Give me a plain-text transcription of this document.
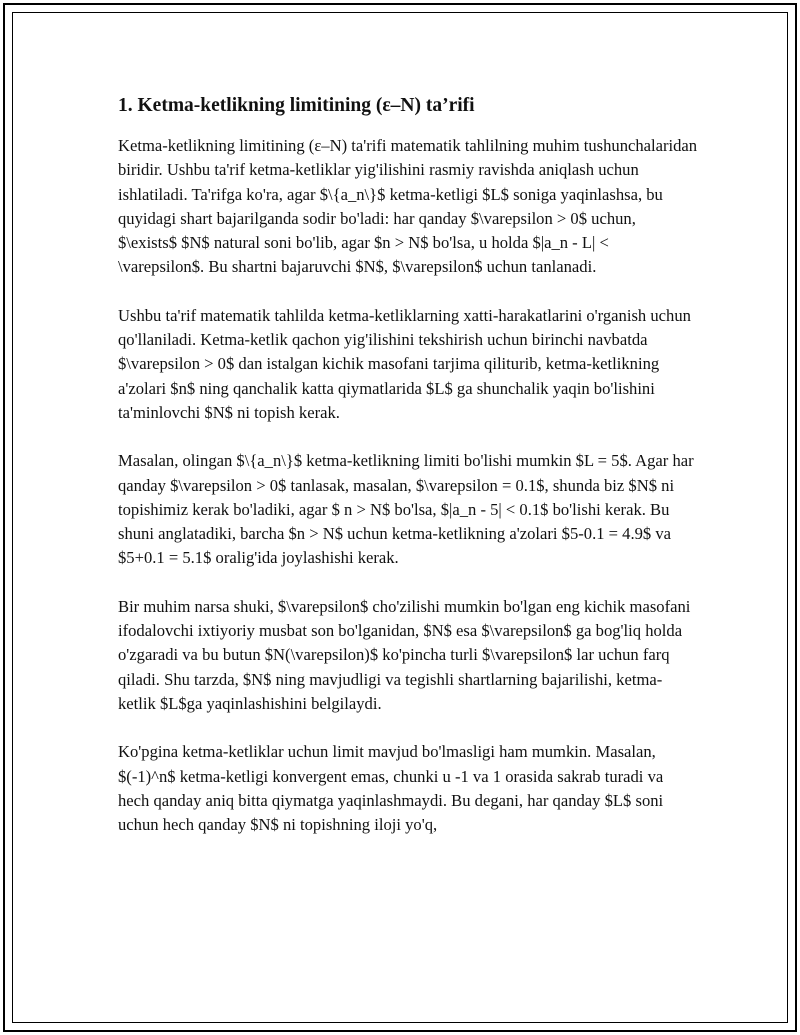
1. Ketma-ketlikning limitining (ε–N) ta’rifi

Ketma-ketlikning limitining (ε–N) ta'rifi matematik tahlilning muhim tushunchalaridan biridir. Ushbu ta'rif ketma-ketliklar yig'ilishini rasmiy ravishda aniqlash uchun ishlatiladi. Ta'rifga ko'ra, agar $\{a_n\}$ ketma-ketligi $L$ soniga yaqinlashsa, bu quyidagi shart bajarilganda sodir bo'ladi: har qanday $\varepsilon > 0$ uchun, $\exists$ $N$ natural soni bo'lib, agar $n > N$ bo'lsa, u holda $|a_n - L| < \varepsilon$. Bu shartni bajaruvchi $N$, $\varepsilon$ uchun tanlanadi.

Ushbu ta'rif matematik tahlilda ketma-ketliklarning xatti-harakatlarini o'rganish uchun qo'llaniladi. Ketma-ketlik qachon yig'ilishini tekshirish uchun birinchi navbatda $\varepsilon > 0$ dan istalgan kichik masofani tarjima qiliturib, ketma-ketlikning a'zolari $n$ ning qanchalik katta qiymatlarida $L$ ga shunchalik yaqin bo'lishini ta'minlovchi $N$ ni topish kerak.

Masalan, olingan $\{a_n\}$ ketma-ketlikning limiti bo'lishi mumkin $L = 5$. Agar har qanday $\varepsilon > 0$ tanlasak, masalan, $\varepsilon = 0.1$, shunda biz $N$ ni topishimiz kerak bo'ladiki, agar $ n > N$ bo'lsa, $|a_n - 5| < 0.1$ bo'lishi kerak. Bu shuni anglatadiki, barcha $n > N$ uchun ketma-ketlikning a'zolari $5-0.1 = 4.9$ va $5+0.1 = 5.1$ oralig'ida joylashishi kerak.

Bir muhim narsa shuki, $\varepsilon$ cho'zilishi mumkin bo'lgan eng kichik masofani ifodalovchi ixtiyoriy musbat son bo'lganidan, $N$ esa $\varepsilon$ ga bog'liq holda o'zgaradi va bu butun $N(\varepsilon)$ ko'pincha turli $\varepsilon$ lar uchun farq qiladi. Shu tarzda, $N$ ning mavjudligi va tegishli shartlarning bajarilishi, ketma-ketlik $L$ga yaqinlashishini belgilaydi.

Ko'pgina ketma-ketliklar uchun limit mavjud bo'lmasligi ham mumkin. Masalan, $(-1)^n$ ketma-ketligi konvergent emas, chunki u -1 va 1 orasida sakrab turadi va hech qanday aniq bitta qiymatga yaqinlashmaydi. Bu degani, har qanday $L$ soni uchun hech qanday $N$ ni topishning iloji yo'q,
